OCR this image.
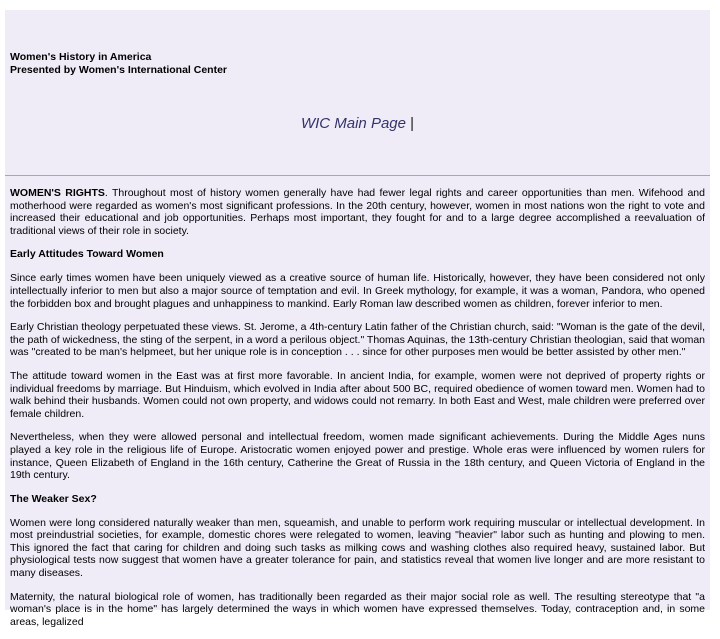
Women's History in America
Presented by Women's International Center
WIC Main Page |

WOMEN'S RIGHTS. Throughout most of history women generally have had fewer legal rights and career opportunities than men. Wifehood and motherhood were regarded as women's most significant professions. In the 20th century, however, women in most nations won the right to vote and increased their educational and job opportunities. Perhaps most important, they fought for and to a large degree accomplished a reevaluation of traditional views of their role in society.

Early Attitudes Toward Women

Since early times women have been uniquely viewed as a creative source of human life. Historically, however, they have been considered not only intellectually inferior to men but also a major source of temptation and evil. In Greek mythology, for example, it was a woman, Pandora, who opened the forbidden box and brought plagues and unhappiness to mankind. Early Roman law described women as children, forever inferior to men.

Early Christian theology perpetuated these views. St. Jerome, a 4th-century Latin father of the Christian church, said: "Woman is the gate of the devil, the path of wickedness, the sting of the serpent, in a word a perilous object." Thomas Aquinas, the 13th-century Christian theologian, said that woman was "created to be man's helpmeet, but her unique role is in conception . . . since for other purposes men would be better assisted by other men."

The attitude toward women in the East was at first more favorable. In ancient India, for example, women were not deprived of property rights or individual freedoms by marriage. But Hinduism, which evolved in India after about 500 BC, required obedience of women toward men. Women had to walk behind their husbands. Women could not own property, and widows could not remarry. In both East and West, male children were preferred over female children.

Nevertheless, when they were allowed personal and intellectual freedom, women made significant achievements. During the Middle Ages nuns played a key role in the religious life of Europe. Aristocratic women enjoyed power and prestige. Whole eras were influenced by women rulers for instance, Queen Elizabeth of England in the 16th century, Catherine the Great of Russia in the 18th century, and Queen Victoria of England in the 19th century.

The Weaker Sex?

Women were long considered naturally weaker than men, squeamish, and unable to perform work requiring muscular or intellectual development. In most preindustrial societies, for example, domestic chores were relegated to women, leaving "heavier" labor such as hunting and plowing to men. This ignored the fact that caring for children and doing such tasks as milking cows and washing clothes also required heavy, sustained labor. But physiological tests now suggest that women have a greater tolerance for pain, and statistics reveal that women live longer and are more resistant to many diseases.

Maternity, the natural biological role of women, has traditionally been regarded as their major social role as well. The resulting stereotype that "a woman's place is in the home" has largely determined the ways in which women have expressed themselves. Today, contraception and, in some areas, legalized
